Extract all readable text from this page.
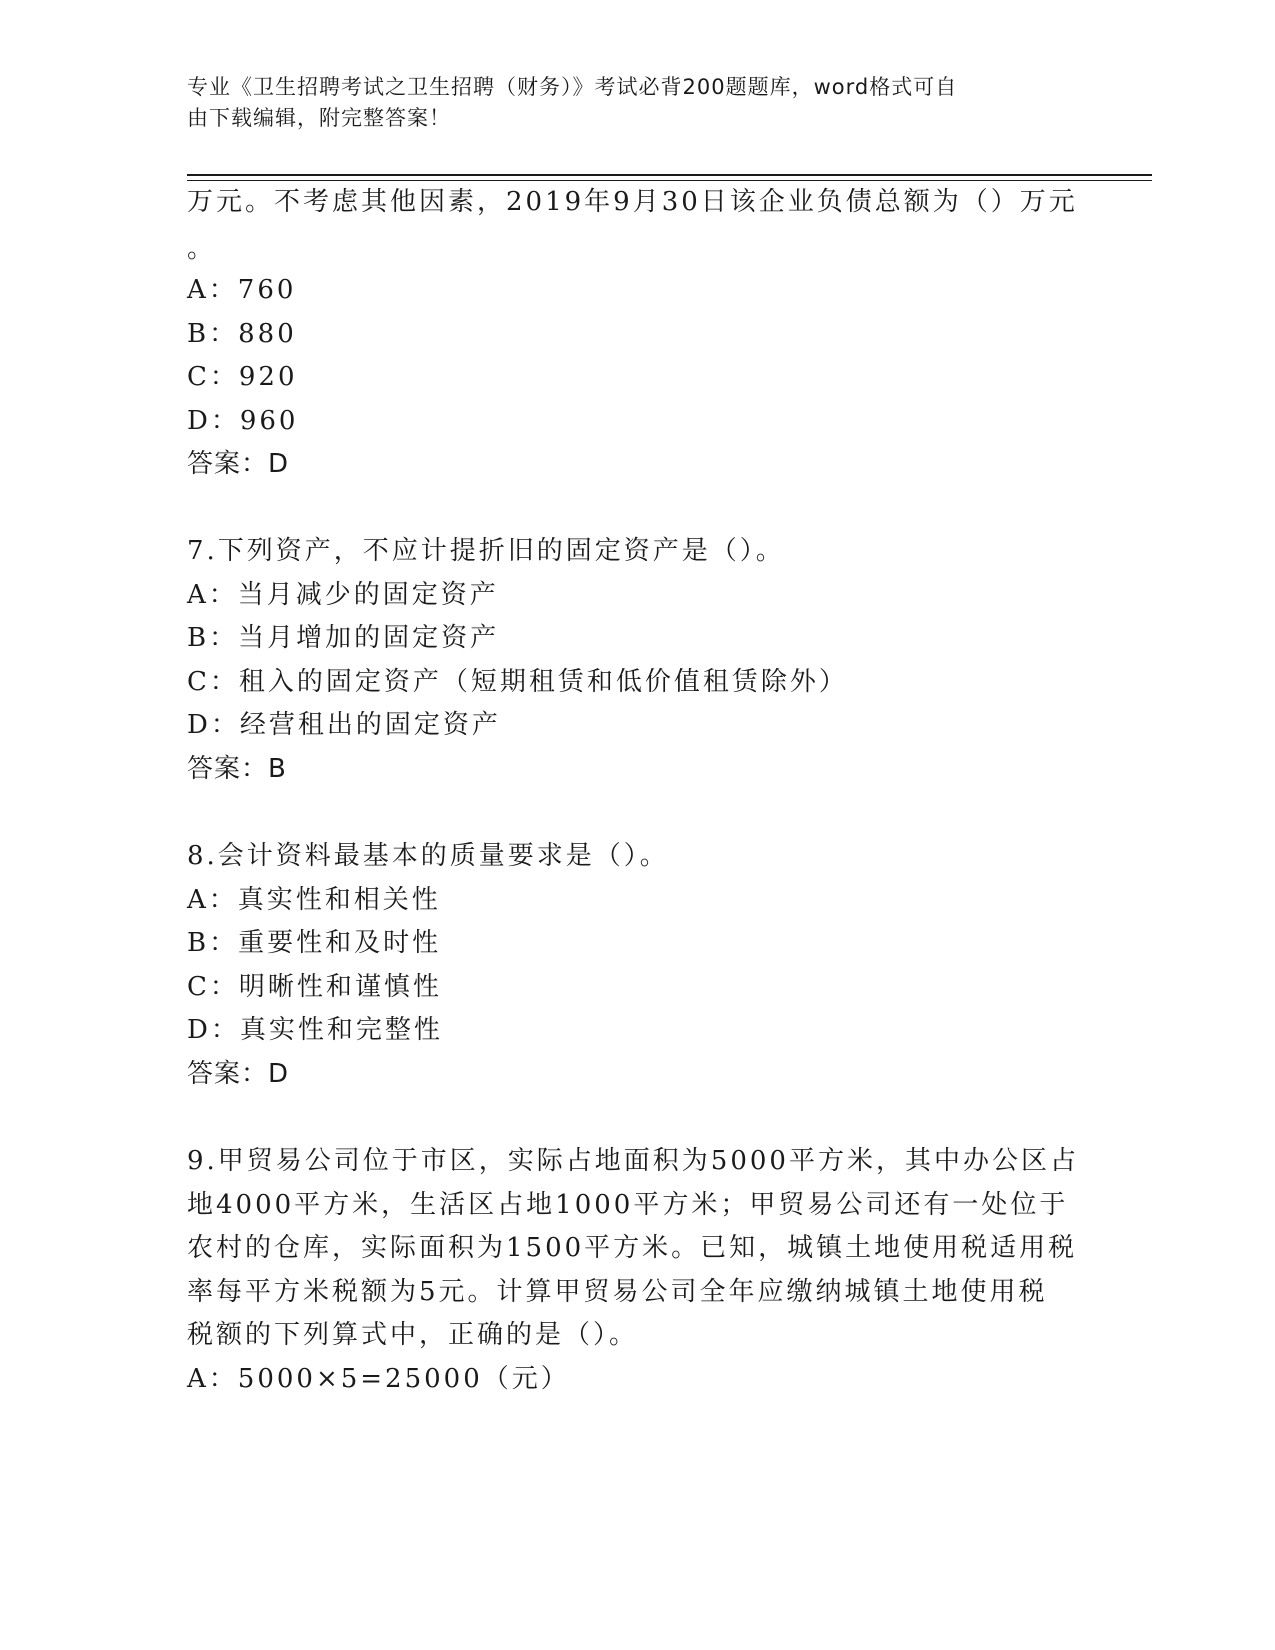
专业《卫生招聘考试之卫生招聘（财务）》考试必背200题题库，word格式可自
由下载编辑，附完整答案！
万元。不考虑其他因素，2019年9月30日该企业负债总额为（）万元
。
A：760
B：880
C：920
D：960
答案：D
7.下列资产，不应计提折旧的固定资产是（）。
A：当月减少的固定资产
B：当月增加的固定资产
C：租入的固定资产（短期租赁和低价值租赁除外）
D：经营租出的固定资产
答案：B
8.会计资料最基本的质量要求是（）。
A：真实性和相关性
B：重要性和及时性
C：明晰性和谨慎性
D：真实性和完整性
答案：D
9.甲贸易公司位于市区，实际占地面积为5000平方米，其中办公区占
地4000平方米，生活区占地1000平方米；甲贸易公司还有一处位于
农村的仓库，实际面积为1500平方米。已知，城镇土地使用税适用税
率每平方米税额为5元。计算甲贸易公司全年应缴纳城镇土地使用税
税额的下列算式中，正确的是（）。
A：5000×5=25000（元）
